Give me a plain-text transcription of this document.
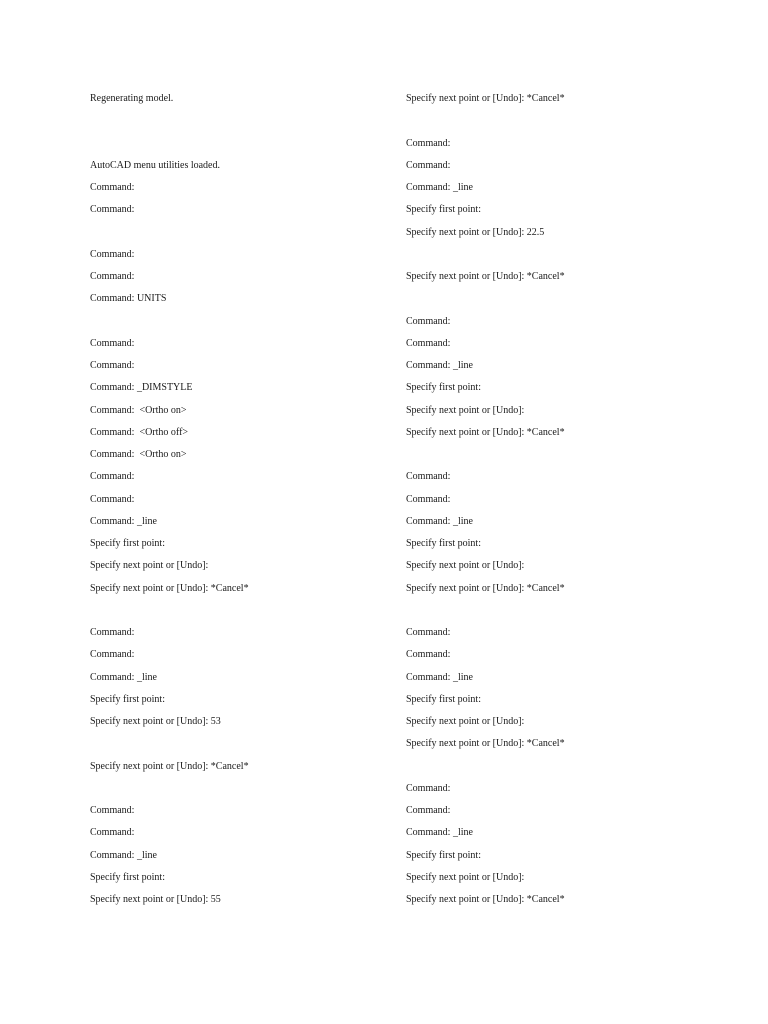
Regenerating model.
AutoCAD menu utilities loaded.
Command:
Command:
Command:
Command:
Command: UNITS
Command:
Command:
Command: _DIMSTYLE
Command:  <Ortho on>
Command:  <Ortho off>
Command:  <Ortho on>
Command:
Command:
Command: _line
Specify first point:
Specify next point or [Undo]:
Specify next point or [Undo]: *Cancel*
Command:
Command:
Command: _line
Specify first point:
Specify next point or [Undo]: 53
Specify next point or [Undo]: *Cancel*
Command:
Command:
Command: _line
Specify first point:
Specify next point or [Undo]: 55
Specify next point or [Undo]: *Cancel*
Command:
Command:
Command: _line
Specify first point:
Specify next point or [Undo]: 22.5
Specify next point or [Undo]: *Cancel*
Command:
Command:
Command: _line
Specify first point:
Specify next point or [Undo]:
Specify next point or [Undo]: *Cancel*
Command:
Command:
Command: _line
Specify first point:
Specify next point or [Undo]:
Specify next point or [Undo]: *Cancel*
Command:
Command:
Command: _line
Specify first point:
Specify next point or [Undo]:
Specify next point or [Undo]: *Cancel*
Command:
Command:
Command: _line
Specify first point:
Specify next point or [Undo]:
Specify next point or [Undo]: *Cancel*
